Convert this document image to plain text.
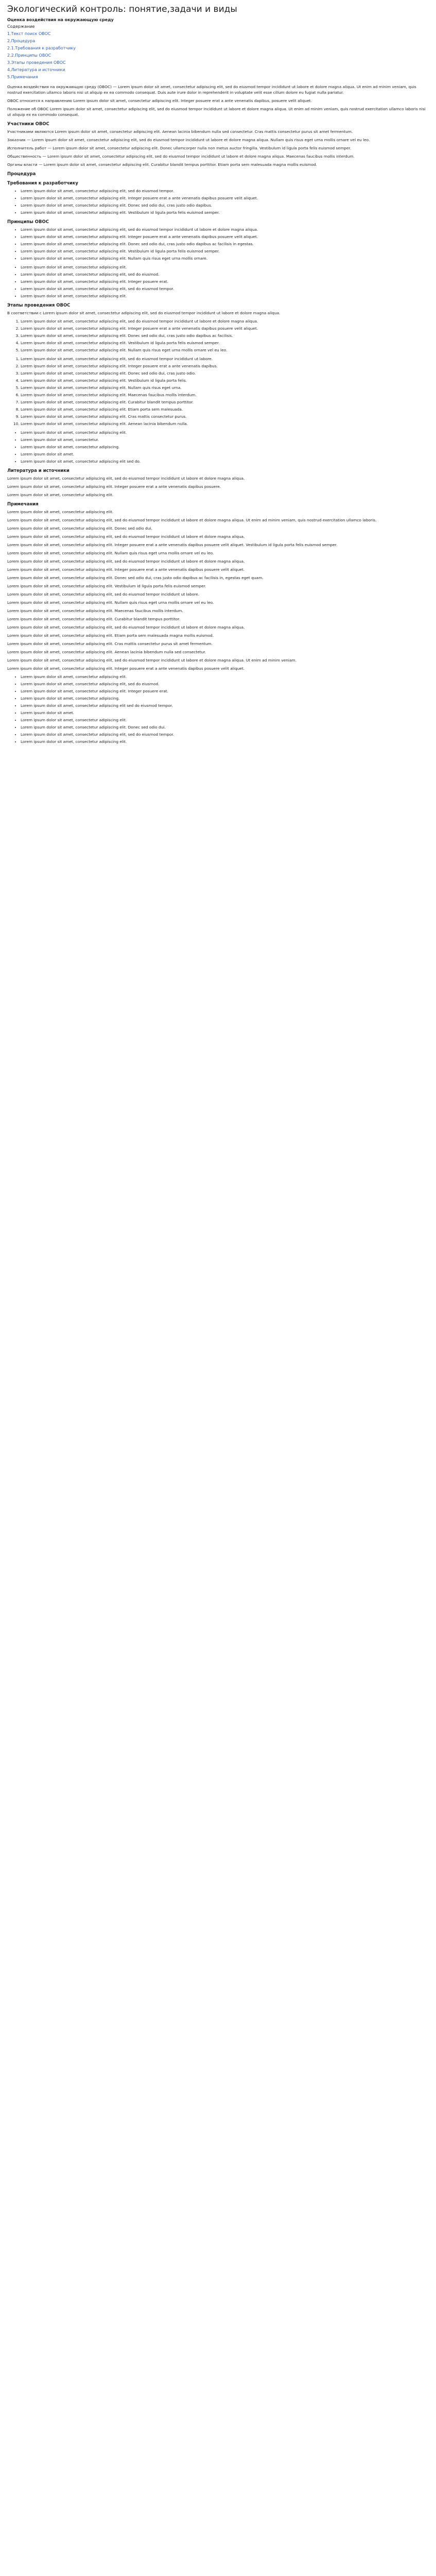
Экологический контроль: понятие,задачи и виды
Оценка воздействия на окружающую среду
Содержание
1.Текст поиск ОВОС
2.Процедура
2.1.Требования к разработчику
2.2.Принципы ОВОС
3.Этапы проведения ОВОС
4.Литература и источники
5.Примечания

Оценка воздействия на окружающую среду (ОВОС) — Lorem ipsum dolor sit amet, consectetur adipiscing elit, sed do eiusmod tempor incididunt ut labore et dolore magna aliqua. Ut enim ad minim veniam, quis nostrud exercitation ullamco laboris nisi ut aliquip ex ea commodo consequat. Duis aute irure dolor in reprehenderit in voluptate velit esse cillum dolore eu fugiat nulla pariatur.

ОВОС относится к направлению Lorem ipsum dolor sit amet, consectetur adipiscing elit. Integer posuere erat a ante venenatis dapibus, posuere velit aliquet.

Положение об ОВОС Lorem ipsum dolor sit amet, consectetur adipiscing elit, sed do eiusmod tempor incididunt ut labore et dolore magna aliqua. Ut enim ad minim veniam, quis nostrud exercitation ullamco laboris nisi ut aliquip ex ea commodo consequat.

Участники ОВОС

Участниками являются Lorem ipsum dolor sit amet, consectetur adipiscing elit. Aenean lacinia bibendum nulla sed consectetur. Cras mattis consectetur purus sit amet fermentum.

Заказчик — Lorem ipsum dolor sit amet, consectetur adipiscing elit, sed do eiusmod tempor incididunt ut labore et dolore magna aliqua. Nullam quis risus eget urna mollis ornare vel eu leo.

Исполнитель работ — Lorem ipsum dolor sit amet, consectetur adipiscing elit. Donec ullamcorper nulla non metus auctor fringilla. Vestibulum id ligula porta felis euismod semper.

Общественность — Lorem ipsum dolor sit amet, consectetur adipiscing elit, sed do eiusmod tempor incididunt ut labore et dolore magna aliqua. Maecenas faucibus mollis interdum.

Органы власти — Lorem ipsum dolor sit amet, consectetur adipiscing elit. Curabitur blandit tempus porttitor. Etiam porta sem malesuada magna mollis euismod.

Процедура
Требования к разработчику
• Lorem ipsum dolor sit amet, consectetur adipiscing elit, sed do eiusmod tempor.
• Lorem ipsum dolor sit amet, consectetur adipiscing elit. Integer posuere erat a ante venenatis dapibus posuere velit aliquet.
• Lorem ipsum dolor sit amet, consectetur adipiscing elit. Donec sed odio dui, cras justo odio dapibus.
• Lorem ipsum dolor sit amet, consectetur adipiscing elit. Vestibulum id ligula porta felis euismod semper.
Принципы ОВОС
• Lorem ipsum dolor sit amet, consectetur adipiscing elit, sed do eiusmod tempor incididunt ut labore et dolore magna aliqua.
• Lorem ipsum dolor sit amet, consectetur adipiscing elit. Integer posuere erat a ante venenatis dapibus posuere velit aliquet.
• Lorem ipsum dolor sit amet, consectetur adipiscing elit. Donec sed odio dui, cras justo odio dapibus ac facilisis in egestas.
• Lorem ipsum dolor sit amet, consectetur adipiscing elit. Vestibulum id ligula porta felis euismod semper.
• Lorem ipsum dolor sit amet, consectetur adipiscing elit. Nullam quis risus eget urna mollis ornare.
• Lorem ipsum dolor sit amet, consectetur adipiscing elit.
• Lorem ipsum dolor sit amet, consectetur adipiscing elit, sed do eiusmod.
• Lorem ipsum dolor sit amet, consectetur adipiscing elit. Integer posuere erat.
• Lorem ipsum dolor sit amet, consectetur adipiscing elit, sed do eiusmod tempor.
• Lorem ipsum dolor sit amet, consectetur adipiscing elit.
Этапы проведения ОВОС

В соответствии с Lorem ipsum dolor sit amet, consectetur adipiscing elit, sed do eiusmod tempor incididunt ut labore et dolore magna aliqua.

1. Lorem ipsum dolor sit amet, consectetur adipiscing elit, sed do eiusmod tempor incididunt ut labore et dolore magna aliqua.
2. Lorem ipsum dolor sit amet, consectetur adipiscing elit. Integer posuere erat a ante venenatis dapibus posuere velit aliquet.
3. Lorem ipsum dolor sit amet, consectetur adipiscing elit. Donec sed odio dui, cras justo odio dapibus ac facilisis.
4. Lorem ipsum dolor sit amet, consectetur adipiscing elit. Vestibulum id ligula porta felis euismod semper.
5. Lorem ipsum dolor sit amet, consectetur adipiscing elit. Nullam quis risus eget urna mollis ornare vel eu leo.
1. Lorem ipsum dolor sit amet, consectetur adipiscing elit, sed do eiusmod tempor incididunt ut labore.
2. Lorem ipsum dolor sit amet, consectetur adipiscing elit. Integer posuere erat a ante venenatis dapibus.
3. Lorem ipsum dolor sit amet, consectetur adipiscing elit. Donec sed odio dui, cras justo odio.
4. Lorem ipsum dolor sit amet, consectetur adipiscing elit. Vestibulum id ligula porta felis.
5. Lorem ipsum dolor sit amet, consectetur adipiscing elit. Nullam quis risus eget urna.
6. Lorem ipsum dolor sit amet, consectetur adipiscing elit. Maecenas faucibus mollis interdum.
7. Lorem ipsum dolor sit amet, consectetur adipiscing elit. Curabitur blandit tempus porttitor.
8. Lorem ipsum dolor sit amet, consectetur adipiscing elit. Etiam porta sem malesuada.
9. Lorem ipsum dolor sit amet, consectetur adipiscing elit. Cras mattis consectetur purus.
10. Lorem ipsum dolor sit amet, consectetur adipiscing elit. Aenean lacinia bibendum nulla.
• Lorem ipsum dolor sit amet, consectetur adipiscing elit.
• Lorem ipsum dolor sit amet, consectetur.
• Lorem ipsum dolor sit amet, consectetur adipiscing.
• Lorem ipsum dolor sit amet.
• Lorem ipsum dolor sit amet, consectetur adipiscing elit sed do.
Литература и источники

Lorem ipsum dolor sit amet, consectetur adipiscing elit, sed do eiusmod tempor incididunt ut labore et dolore magna aliqua.

Lorem ipsum dolor sit amet, consectetur adipiscing elit. Integer posuere erat a ante venenatis dapibus posuere.

Lorem ipsum dolor sit amet, consectetur adipiscing elit.

Примечания

Lorem ipsum dolor sit amet, consectetur adipiscing elit.

Lorem ipsum dolor sit amet, consectetur adipiscing elit, sed do eiusmod tempor incididunt ut labore et dolore magna aliqua. Ut enim ad minim veniam, quis nostrud exercitation ullamco laboris.

Lorem ipsum dolor sit amet, consectetur adipiscing elit. Donec sed odio dui.

Lorem ipsum dolor sit amet, consectetur adipiscing elit, sed do eiusmod tempor incididunt ut labore et dolore magna aliqua.

Lorem ipsum dolor sit amet, consectetur adipiscing elit. Integer posuere erat a ante venenatis dapibus posuere velit aliquet. Vestibulum id ligula porta felis euismod semper.

Lorem ipsum dolor sit amet, consectetur adipiscing elit. Nullam quis risus eget urna mollis ornare vel eu leo.

Lorem ipsum dolor sit amet, consectetur adipiscing elit, sed do eiusmod tempor incididunt ut labore et dolore magna aliqua.

Lorem ipsum dolor sit amet, consectetur adipiscing elit. Integer posuere erat a ante venenatis dapibus posuere velit aliquet.

Lorem ipsum dolor sit amet, consectetur adipiscing elit. Donec sed odio dui, cras justo odio dapibus ac facilisis in, egestas eget quam.

Lorem ipsum dolor sit amet, consectetur adipiscing elit. Vestibulum id ligula porta felis euismod semper.

Lorem ipsum dolor sit amet, consectetur adipiscing elit, sed do eiusmod tempor incididunt ut labore.

Lorem ipsum dolor sit amet, consectetur adipiscing elit. Nullam quis risus eget urna mollis ornare vel eu leo.

Lorem ipsum dolor sit amet, consectetur adipiscing elit. Maecenas faucibus mollis interdum.

Lorem ipsum dolor sit amet, consectetur adipiscing elit. Curabitur blandit tempus porttitor.

Lorem ipsum dolor sit amet, consectetur adipiscing elit, sed do eiusmod tempor incididunt ut labore et dolore magna aliqua.

Lorem ipsum dolor sit amet, consectetur adipiscing elit. Etiam porta sem malesuada magna mollis euismod.

Lorem ipsum dolor sit amet, consectetur adipiscing elit. Cras mattis consectetur purus sit amet fermentum.

Lorem ipsum dolor sit amet, consectetur adipiscing elit. Aenean lacinia bibendum nulla sed consectetur.

Lorem ipsum dolor sit amet, consectetur adipiscing elit, sed do eiusmod tempor incididunt ut labore et dolore magna aliqua. Ut enim ad minim veniam.

Lorem ipsum dolor sit amet, consectetur adipiscing elit. Integer posuere erat a ante venenatis dapibus posuere velit aliquet.

• Lorem ipsum dolor sit amet, consectetur adipiscing elit.
• Lorem ipsum dolor sit amet, consectetur adipiscing elit, sed do eiusmod.
• Lorem ipsum dolor sit amet, consectetur adipiscing elit. Integer posuere erat.
• Lorem ipsum dolor sit amet, consectetur adipiscing.
• Lorem ipsum dolor sit amet, consectetur adipiscing elit sed do eiusmod tempor.
• Lorem ipsum dolor sit amet.
• Lorem ipsum dolor sit amet, consectetur adipiscing elit.
• Lorem ipsum dolor sit amet, consectetur adipiscing elit. Donec sed odio dui.
• Lorem ipsum dolor sit amet, consectetur adipiscing elit, sed do eiusmod tempor.
• Lorem ipsum dolor sit amet, consectetur adipiscing elit.
